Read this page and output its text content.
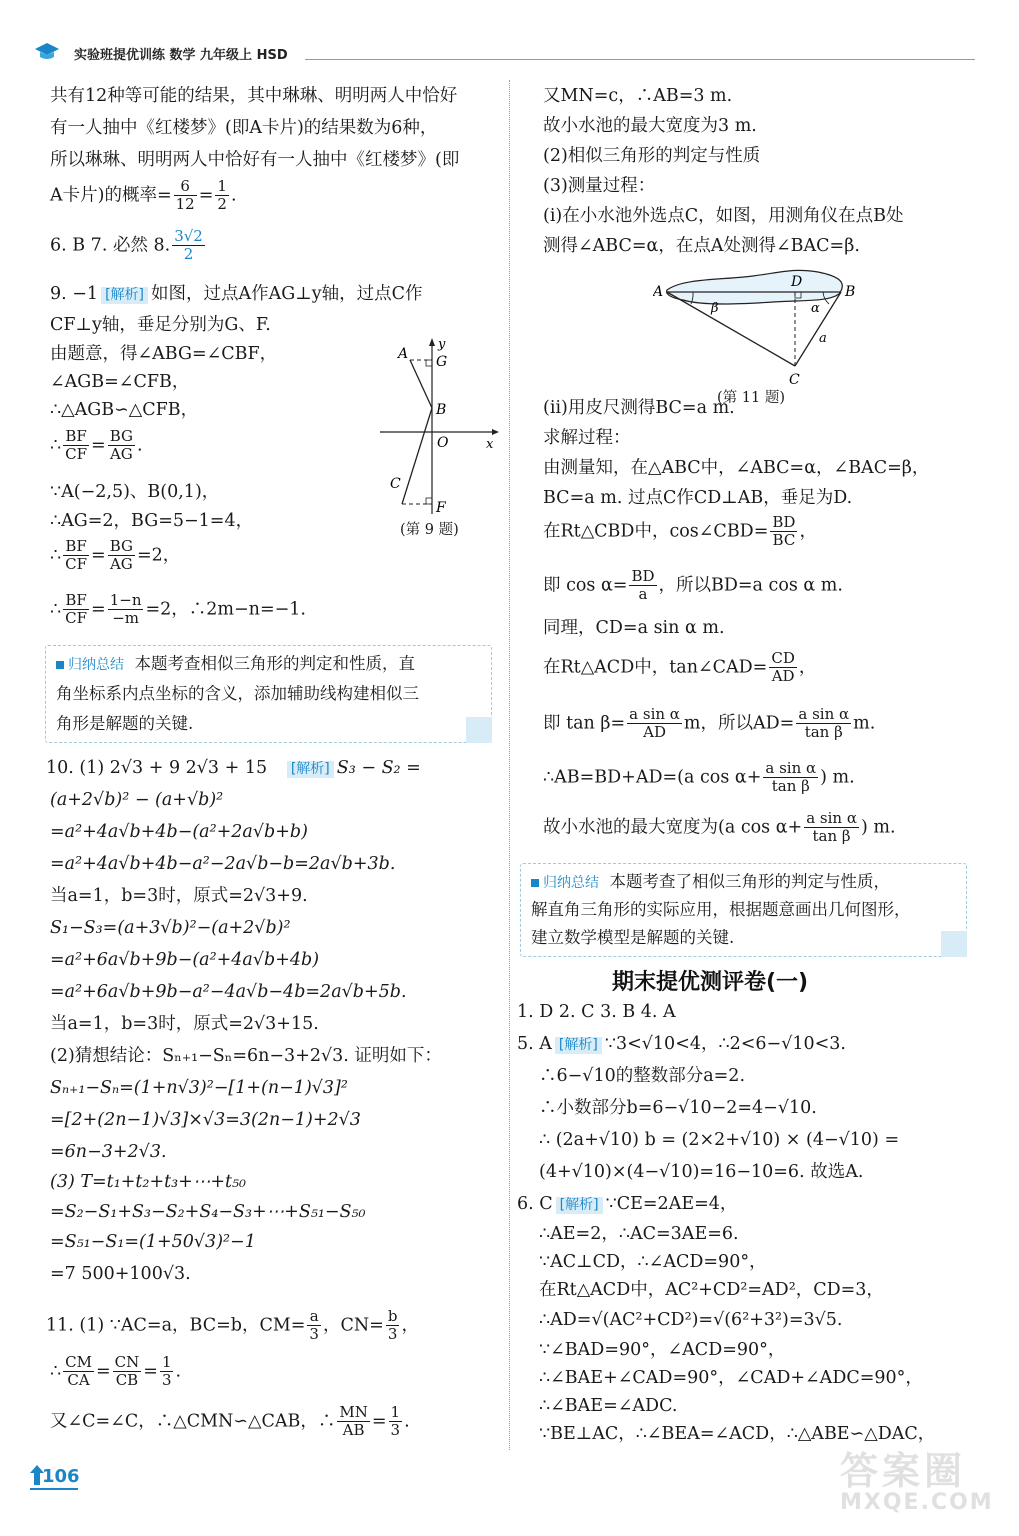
实验班提优训练 数学 九年级上 HSD
共有12种等可能的结果，其中琳琳、明明两人中恰好
有一人抽中《红楼梦》(即A卡片)的结果数为6种，
所以琳琳、明明两人中恰好有一人抽中《红楼梦》(即
A卡片)的概率= $\frac{6}{12} = \frac{1}{2}$ .
6. B 7. 必然 8. $\frac{3√2}{2}$
9. −1 [解析] 如图，过点A作AG⊥y轴，过点C作
CF⊥y轴，垂足分别为G、F.
由题意，得∠ABG=∠CBF，
∠AGB=∠CFB，
∴△AGB∽△CFB，
∴ $\frac{BF}{CF} = \frac{BG}{AG}$ .
∵A(−2,5)、B(0,1)，
∴AG=2，BG=5−1=4，
∴ $\frac{BF}{CF} = \frac{BG}{AG} =2$，
∴ $\frac{BF}{CF} = \frac{1-n}{-m} =2$，∴2m−n=−1.
A G
B
O
C
F
x
y
(第 9 题)
归纳总结 本题考查相似三角形的判定和性质，直
角坐标系内点坐标的含义，添加辅助线构建相似三
角形是解题的关键.
10. (1) 2√3 + 9 2√3 + 15 [解析] S₃ − S₂ =
(a+2√b)² − (a+√b)²
=a²+4a√b+4b−(a²+2a√b+b)
=a²+4a√b+4b−a²−2a√b−b=2a√b+3b.
当a=1，b=3时，原式=2√3+9.
S₁−S₃=(a+3√b)²−(a+2√b)²
=a²+6a√b+9b−(a²+4a√b+4b)
=a²+6a√b+9b−a²−4a√b−4b=2a√b+5b.
当a=1，b=3时，原式=2√3+15.
(2)猜想结论：Sₙ₊₁−Sₙ=6n−3+2√3. 证明如下：
Sₙ₊₁−Sₙ=(1+n√3)²−[1+(n−1)√3]²
=[2+(2n−1)√3]×√3=3(2n−1)+2√3
=6n−3+2√3.
(3) T=t₁+t₂+t₃+⋯+t₅₀
=S₂−S₁+S₃−S₂+S₄−S₃+⋯+S₅₁−S₅₀
=S₅₁−S₁=(1+50√3)²−1
=7 500+100√3.
11. (1) ∵AC=a，BC=b，$CM= \frac{a}{3}$ ，$CN= \frac{b}{3}$ ，
∴ $\frac{CM}{CA} = \frac{CN}{CB} = \frac{1}{3}$ .
又∠C=∠C，∴△CMN∽△CAB，∴ $\frac{MN}{AB} = \frac{1}{3}$ .
又MN=c，∴AB=3 m.
故小水池的最大宽度为3 m.
(2)相似三角形的判定与性质
(3)测量过程：
(ⅰ)在小水池外选点C，如图，用测角仪在点B处
测得∠ABC=α，在点A处测得∠BAC=β.
A	B
C
D
β	α
a
(第 11 题)
(ⅱ)用皮尺测得BC=a m.
求解过程：
由测量知，在△ABC中，∠ABC=α，∠BAC=β，
BC=a m. 过点C作CD⊥AB，垂足为D.
在Rt△CBD中，cos∠CBD= $\frac{BD}{BC}$ ，
即 $\cos \alpha= \frac{BD}{a}$ ，所以BD=a cos α m.
同理，CD=a sin α m.
在Rt△ACD中，tan∠CAD= $\frac{CD}{AD}$ ，
即 $\tan \beta= \frac{\text{a sin α}}{AD}$ m，所以$AD= \frac{\text{a sin α}}{\text{tan β}} m$.
∴AB=BD+AD=(a $\cos \alpha+ \frac{\text{a sin α}}{\text{tan β}}$ ) m.
故小水池的最大宽度为(a $\cos \alpha+ \frac{\text{a sin α}}{\text{tan β}}$ ) m.
归纳总结 本题考查了相似三角形的判定与性质，
解直角三角形的实际应用，根据题意画出几何图形，
建立数学模型是解题的关键.
期末提优测评卷(一)
1. D 2. C 3. B 4. A
5. A [解析] ∵3<√10<4，∴2<6−√10<3.
∴6−√10的整数部分a=2.
∴小数部分b=6−√10−2=4−√10.
∴ (2a+√10) b = (2×2+√10) × (4−√10) =
(4+√10)×(4−√10)=16−10=6. 故选A.
6. C [解析] ∵CE=2AE=4，
∴AE=2，∴AC=3AE=6.
∵AC⊥CD，∴∠ACD=90°，
在Rt△ACD中，AC²+CD²=AD²，CD=3，
∴AD=√(AC²+CD²)=√(6²+3²)=3√5.
∵∠BAD=90°，∠ACD=90°，
∴∠BAE+∠CAD=90°，∠CAD+∠ADC=90°，
∴∠BAE=∠ADC.
∵BE⊥AC，∴∠BEA=∠ACD，∴△ABE∽△DAC，
106	答案圈
MXQE.COM
